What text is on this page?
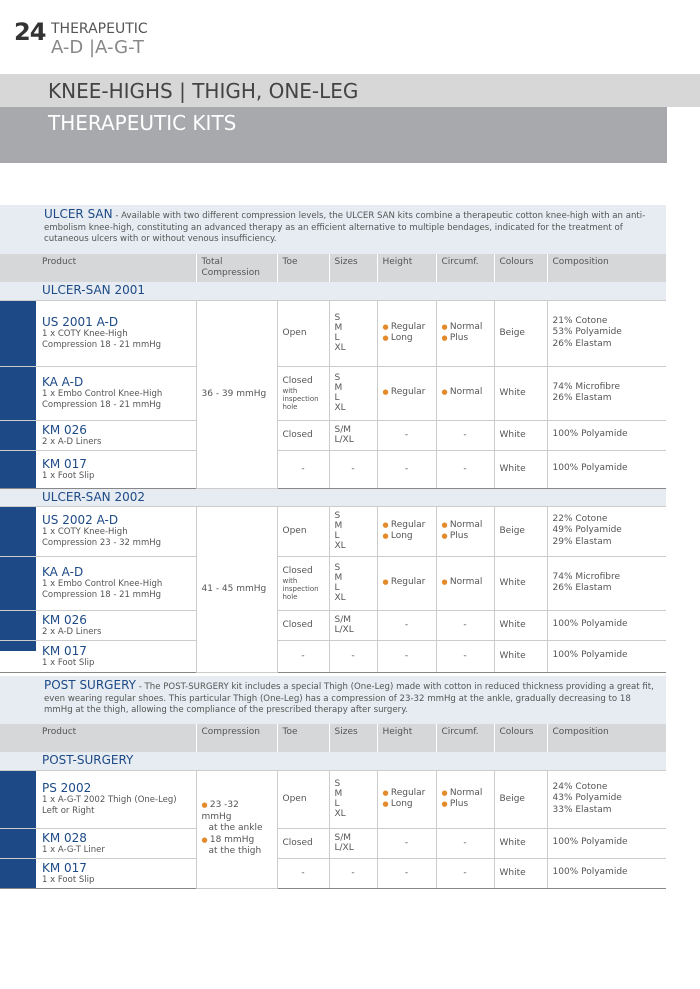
24 THERAPEUTIC
A-D |A-G-T
KNEE-HIGHS | THIGH, ONE-LEG
THERAPEUTIC KITS
ULCER SAN - Available with two different compression levels, the ULCER SAN kits combine a therapeutic cotton knee-high with an anti-embolism knee-high, constituting an advanced therapy as an efficient alternative to multiple bendages, indicated for the treatment of cutaneous ulcers with or without venous insufficiency.
Product	Total Compression	Toe	Sizes	Height	Circumf.	Colours	Composition
ULCER-SAN 2001							

US 2001 A-D
1 x COTY Knee-High
Compression 18 - 21 mmHg	36 - 39 mmHg	Open	S
M
L
XL	● Regular
● Long	● Normal
● Plus	Beige	21% Cotone
53% Polyamide
26% Elastam

KA A-D
1 x Embo Control Knee-High
Compression 18 - 21 mmHg		Closed
with inspection hole	S
M
L
XL	● Regular	● Normal	White	74% Microfibre
26% Elastam

KM 026
2 x A-D Liners		Closed	S/M
L/XL	-	-	White	100% Polyamide

KM 017
1 x Foot Slip		-	-	-	-	White	100% Polyamide

ULCER-SAN 2002							

US 2002 A-D
1 x COTY Knee-High
Compression 23 - 32 mmHg	41 - 45 mmHg	Open	S
M
L
XL	● Regular
● Long	● Normal
● Plus	Beige	22% Cotone
49% Polyamide
29% Elastam

KA A-D
1 x Embo Control Knee-High
Compression 18 - 21 mmHg		Closed
with inspection hole	S
M
L
XL	● Regular	● Normal	White	74% Microfibre
26% Elastam

KM 026
2 x A-D Liners		Closed	S/M
L/XL	-	-	White	100% Polyamide

KM 017
1 x Foot Slip		-	-	-	-	White	100% Polyamide
POST SURGERY - The POST-SURGERY kit includes a special Thigh (One-Leg) made with cotton in reduced thickness providing a great fit, even wearing regular shoes. This particular Thigh (One-Leg) has a compression of 23-32 mmHg at the ankle, gradually decreasing to 18 mmHg at the thigh, allowing the compliance of the prescribed therapy after surgery.
Product	Compression	Toe	Sizes	Height	Circumf.	Colours	Composition
POST-SURGERY							

PS 2002
1 x A-G-T 2002 Thigh (One-Leg)
Left or Right	● 23 -32 mmHg
at the ankle
● 18 mmHg
at the thigh	Open	S
M
L
XL	● Regular
● Long	● Normal
● Plus	Beige	24% Cotone
43% Polyamide
33% Elastam

KM 028
1 x A-G-T Liner		Closed	S/M
L/XL	-	-	White	100% Polyamide

KM 017
1 x Foot Slip		-	-	-	-	White	100% Polyamide
